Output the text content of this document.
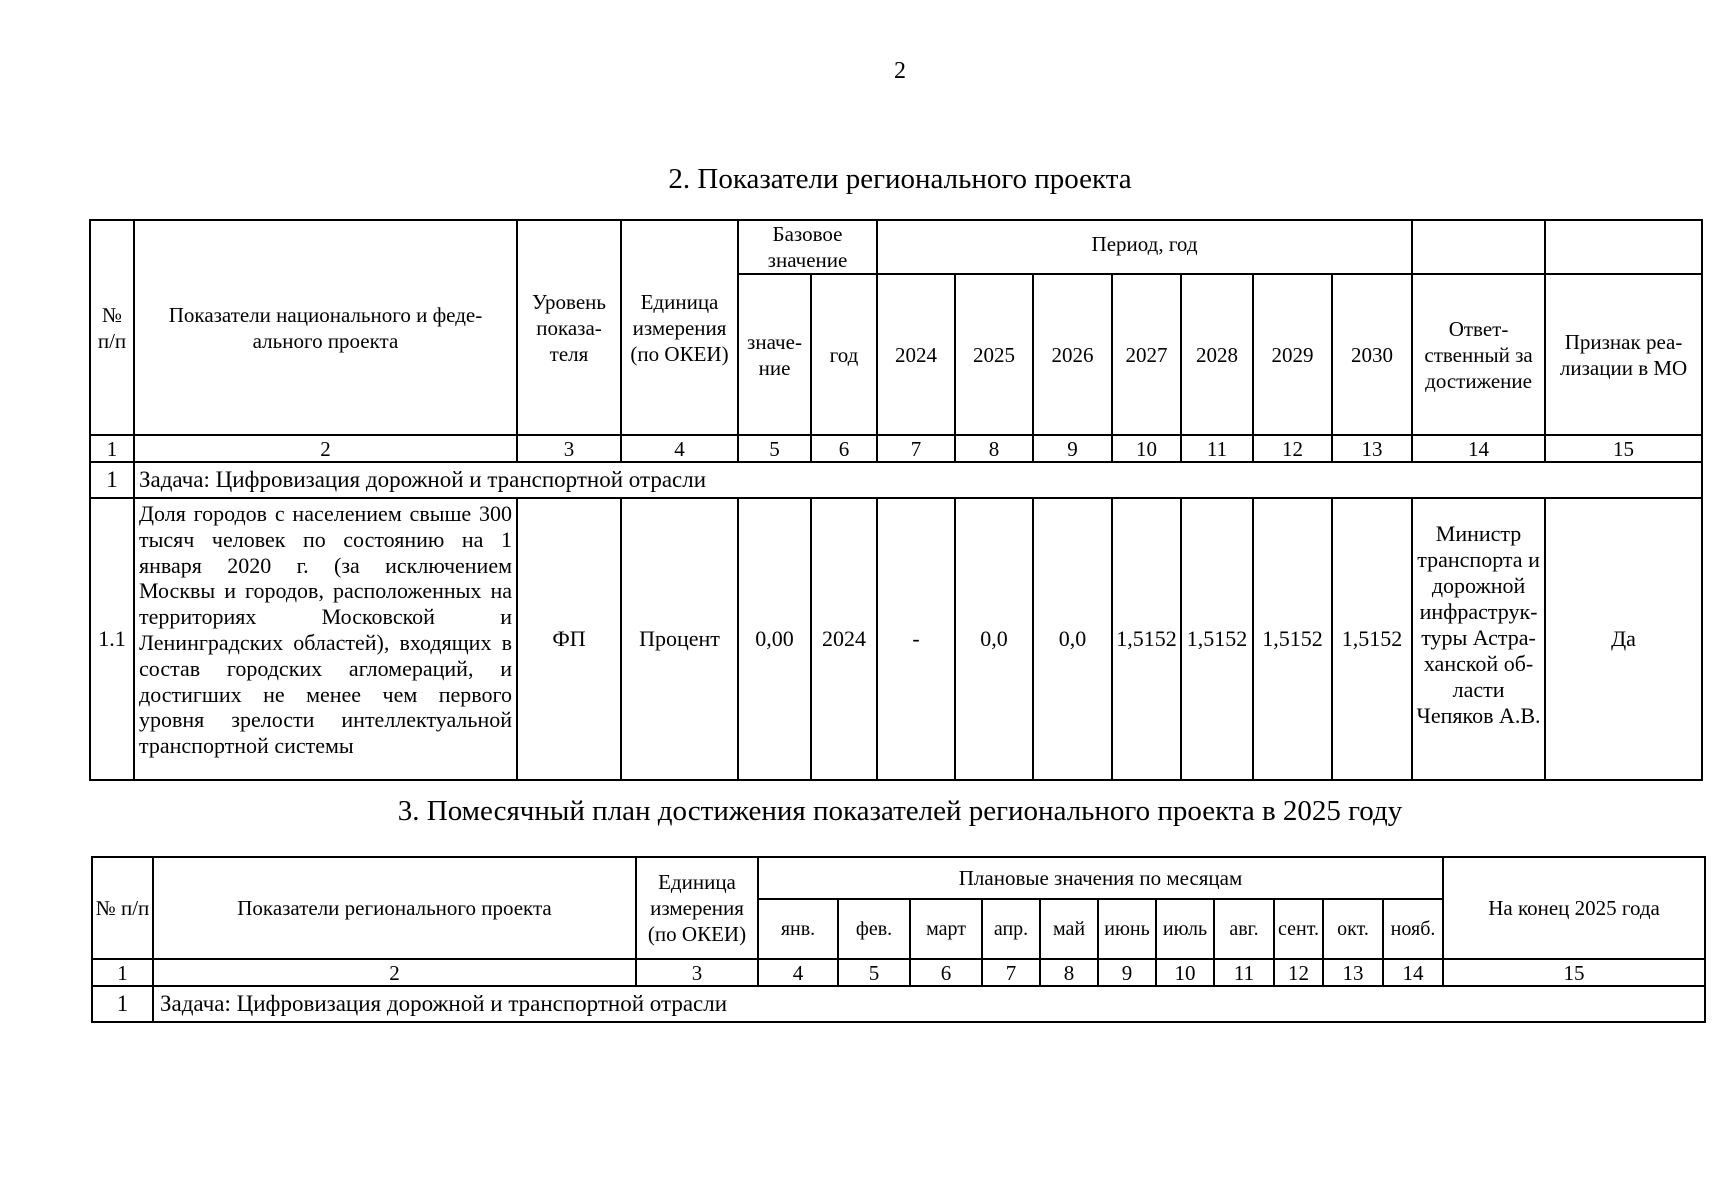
2
2. Показатели регионального проекта
№ п/п	Показатели национального и феде-ального проекта	Уровень показа-теля	Единица измерения (по ОКЕИ)	Базовое значение		Период, год								
				значе-ние	год	2024	2025	2026	2027	2028	2029	2030	Ответ-ственный за достижение	Признак реа-лизации в МО
1	2	3	4	5	6	7	8	9	10	11	12	13	14	15
1	Задача: Цифровизация дорожной и транспортной отрасли													
1.1	Доля городов с населением свыше 300 тысяч человек по состоянию на 1 января 2020 г. (за исключением Москвы и городов, расположенных на территориях Московской и Ленинградских областей), входящих в состав городских агломераций, и достигших не менее чем первого уровня зрелости интеллектуальной транспортной системы	ФП	Процент	0,00	2024	-	0,0	0,0	1,5152	1,5152	1,5152	1,5152	Министр транспорта и дорожной инфраструк-туры Астра-ханской об-ласти Чепяков А.В.	Да
3. Помесячный план достижения показателей регионального проекта в 2025 году
№ п/п	Показатели регионального проекта	Единица измерения (по ОКЕИ)	Плановые значения по месяцам											На конец 2025 года
			янв.	фев.	март	апр.	май	июнь	июль	авг.	сент.	окт.	нояб.	
1	2	3	4	5	6	7	8	9	10	11	12	13	14	15
1	Задача: Цифровизация дорожной и транспортной отрасли													
